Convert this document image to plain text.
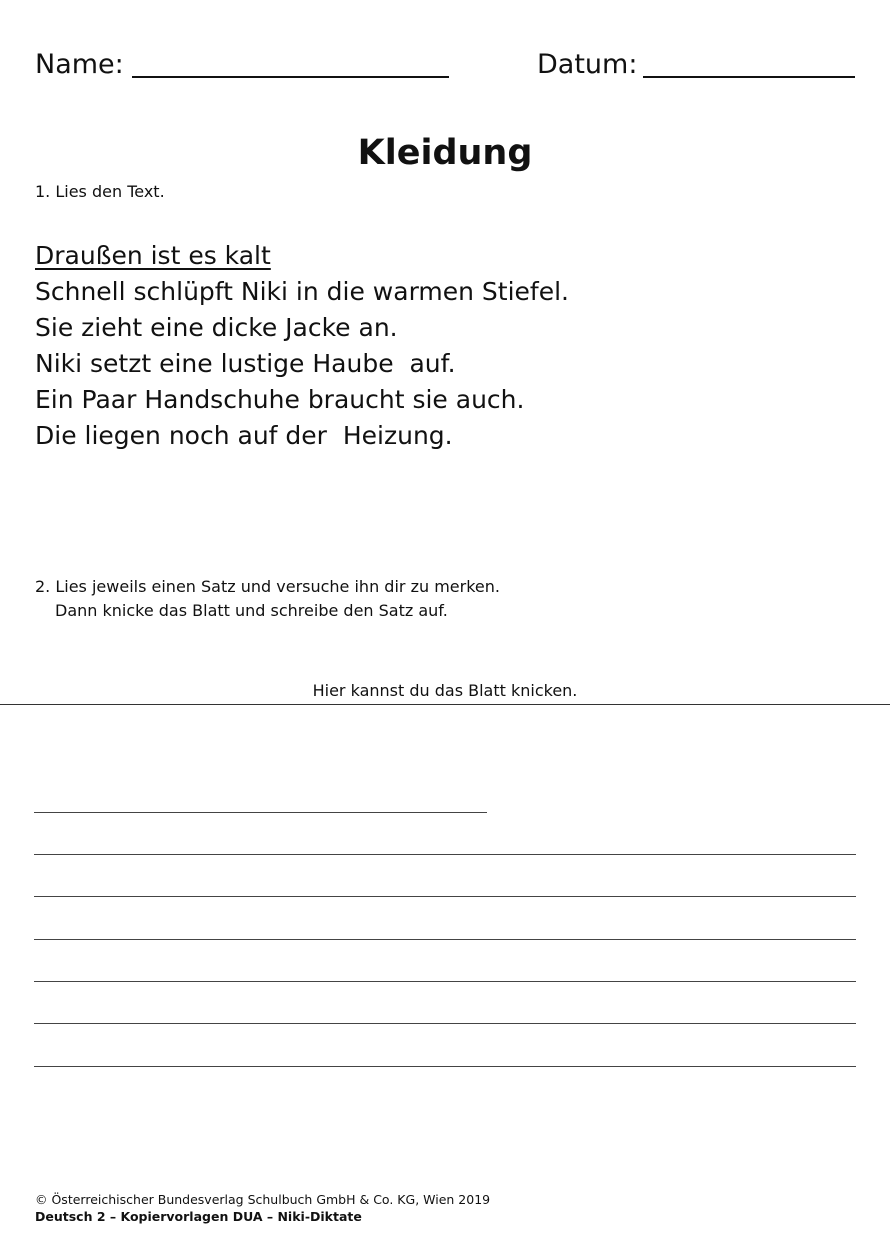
Name:	Datum:
Kleidung
1. Lies den Text.
Draußen ist es kalt
Schnell schlüpft Niki in die warmen Stiefel.
Sie zieht eine dicke Jacke an.
Niki setzt eine lustige Haube  auf.
Ein Paar Handschuhe braucht sie auch.
Die liegen noch auf der  Heizung.
2. Lies jeweils einen Satz und versuche ihn dir zu merken.
Dann knicke das Blatt und schreibe den Satz auf.
Hier kannst du das Blatt knicken.
© Österreichischer Bundesverlag Schulbuch GmbH & Co. KG, Wien 2019
Deutsch 2 – Kopiervorlagen DUA – Niki-Diktate
